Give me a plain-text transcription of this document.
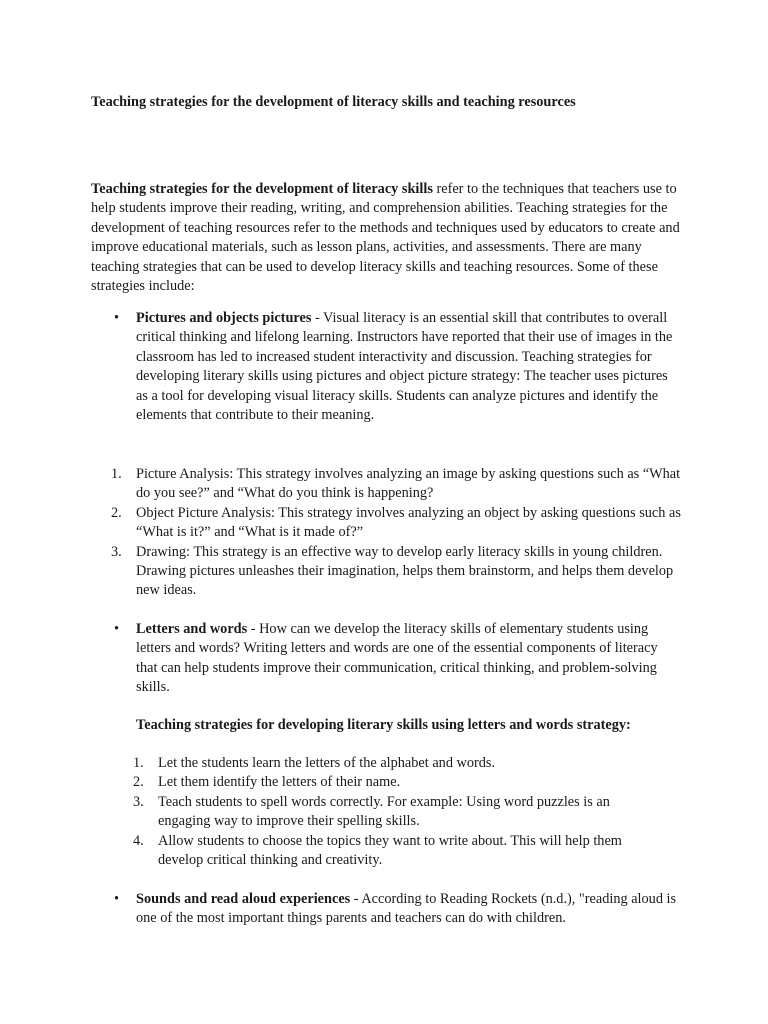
Teaching strategies for the development of literacy skills and teaching resources

Teaching strategies for the development of literacy skills refer to the techniques that teachers use to help students improve their reading, writing, and comprehension abilities. Teaching strategies for the development of teaching resources refer to the methods and techniques used by educators to create and improve educational materials, such as lesson plans, activities, and assessments. There are many teaching strategies that can be used to develop literacy skills and teaching resources. Some of these strategies include:

• Pictures and objects pictures - Visual literacy is an essential skill that contributes to overall critical thinking and lifelong learning. Instructors have reported that their use of images in the classroom has led to increased student interactivity and discussion. Teaching strategies for developing literary skills using pictures and object picture strategy: The teacher uses pictures as a tool for developing visual literacy skills. Students can analyze pictures and identify the elements that contribute to their meaning.

1. Picture Analysis: This strategy involves analyzing an image by asking questions such as “What do you see?” and “What do you think is happening?
2. Object Picture Analysis: This strategy involves analyzing an object by asking questions such as “What is it?” and “What is it made of?”
3. Drawing: This strategy is an effective way to develop early literacy skills in young children. Drawing pictures unleashes their imagination, helps them brainstorm, and helps them develop new ideas.
• Letters and words - How can we develop the literacy skills of elementary students using letters and words? Writing letters and words are one of the essential components of literacy that can help students improve their communication, critical thinking, and problem-solving skills.

Teaching strategies for developing literary skills using letters and words strategy:

1. Let the students learn the letters of the alphabet and words.
2. Let them identify the letters of their name.
3. Teach students to spell words correctly. For example: Using word puzzles is an engaging way to improve their spelling skills.
4. Allow students to choose the topics they want to write about. This will help them develop critical thinking and creativity.
• Sounds and read aloud experiences - According to Reading Rockets (n.d.), "reading aloud is one of the most important things parents and teachers can do with children.
